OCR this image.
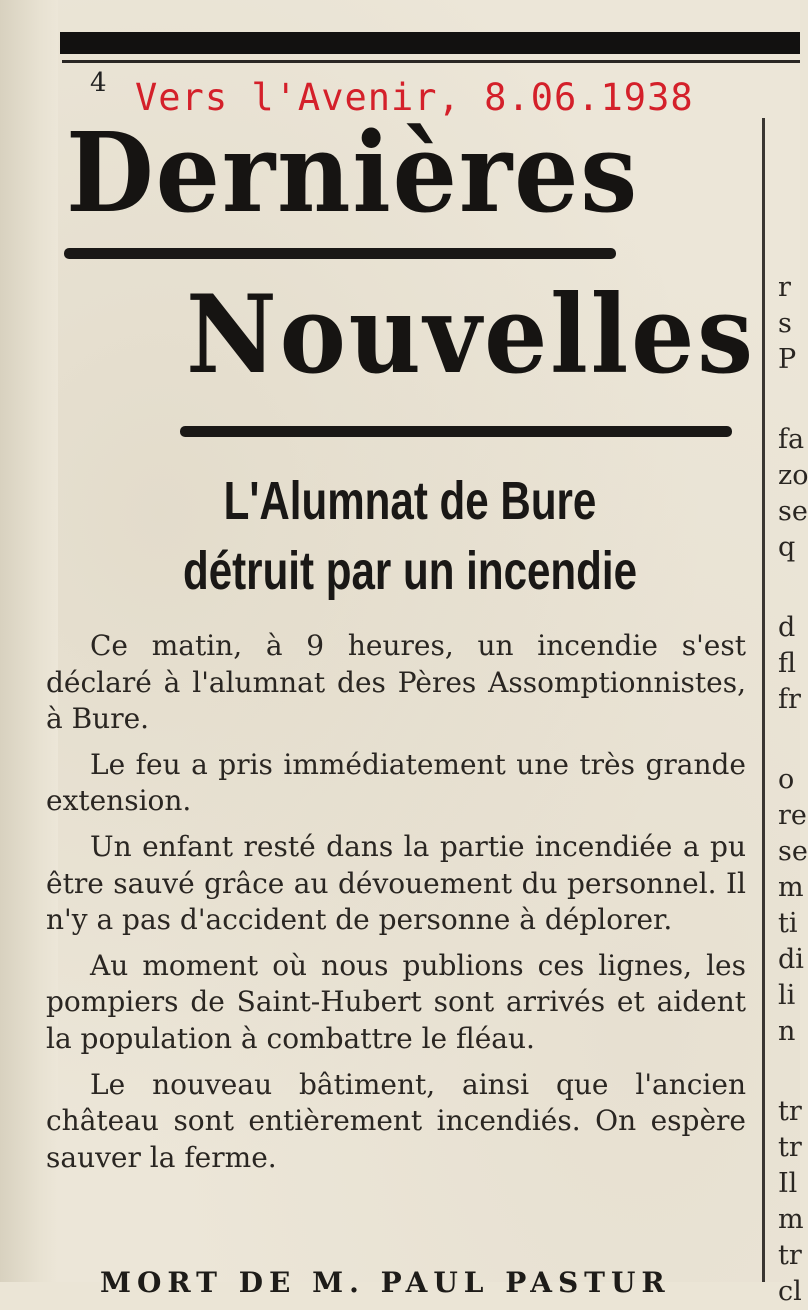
4 Vers l'Avenir, 8.06.1938
Dernières
Nouvelles
L'Alumnat de Bure
détruit par un incendie

Ce matin, à 9 heures, un incendie s'est déclaré à l'alumnat des Pères Assomptionnistes, à Bure.

Le feu a pris immédiatement une très grande extension.

Un enfant resté dans la partie incendiée a pu être sauvé grâce au dévouement du personnel. Il n'y a pas d'accident de personne à déplorer.

Au moment où nous publions ces lignes, les pompiers de Saint-Hubert sont arrivés et aident la population à combattre le fléau.

Le nouveau bâtiment, ainsi que l'ancien château sont entièrement incendiés. On espère sauver la ferme.

MORT DE M. PAUL PASTUR
r
s
P
fa
zo
se
q
d
fl
fr
o
re
se
m
ti
di
li
n
tr
tr
Il
m
tr
cl
